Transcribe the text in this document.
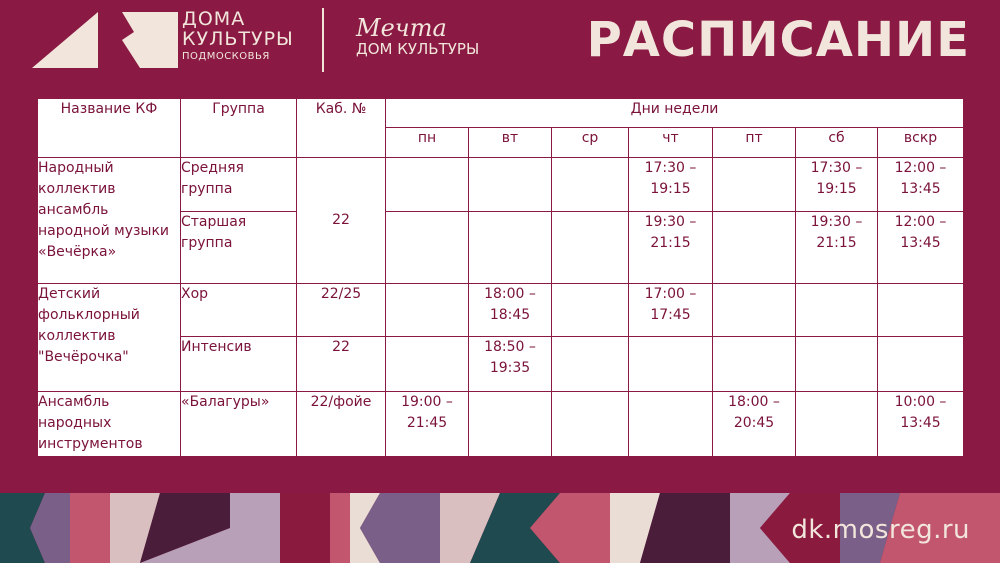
ДОМА
КУЛЬТУРЫ
ПОДМОСКОВЬЯ
Мечта
ДОМ КУЛЬТУРЫ РАСПИСАНИЕ
Название КФ	Группа	Каб. №	Дни недели						
			пн	вт	ср	чт	пт	сб	вскр
Народный коллектив ансамбль народной музыки «Вечёрка»	Средняя группа	22				17:30 – 19:15		17:30 – 19:15	12:00 – 13:45
	Старшая группа					19:30 – 21:15		19:30 – 21:15	12:00 – 13:45
Детский фольклорный коллектив "Вечёрочка"	Хор	22/25		18:00 – 18:45		17:00 – 17:45			
	Интенсив	22		18:50 – 19:35					
Ансамбль народных инструментов	«Балагуры»	22/фойе	19:00 – 21:45				18:00 – 20:45		10:00 – 13:45
dk.mosreg.ru
